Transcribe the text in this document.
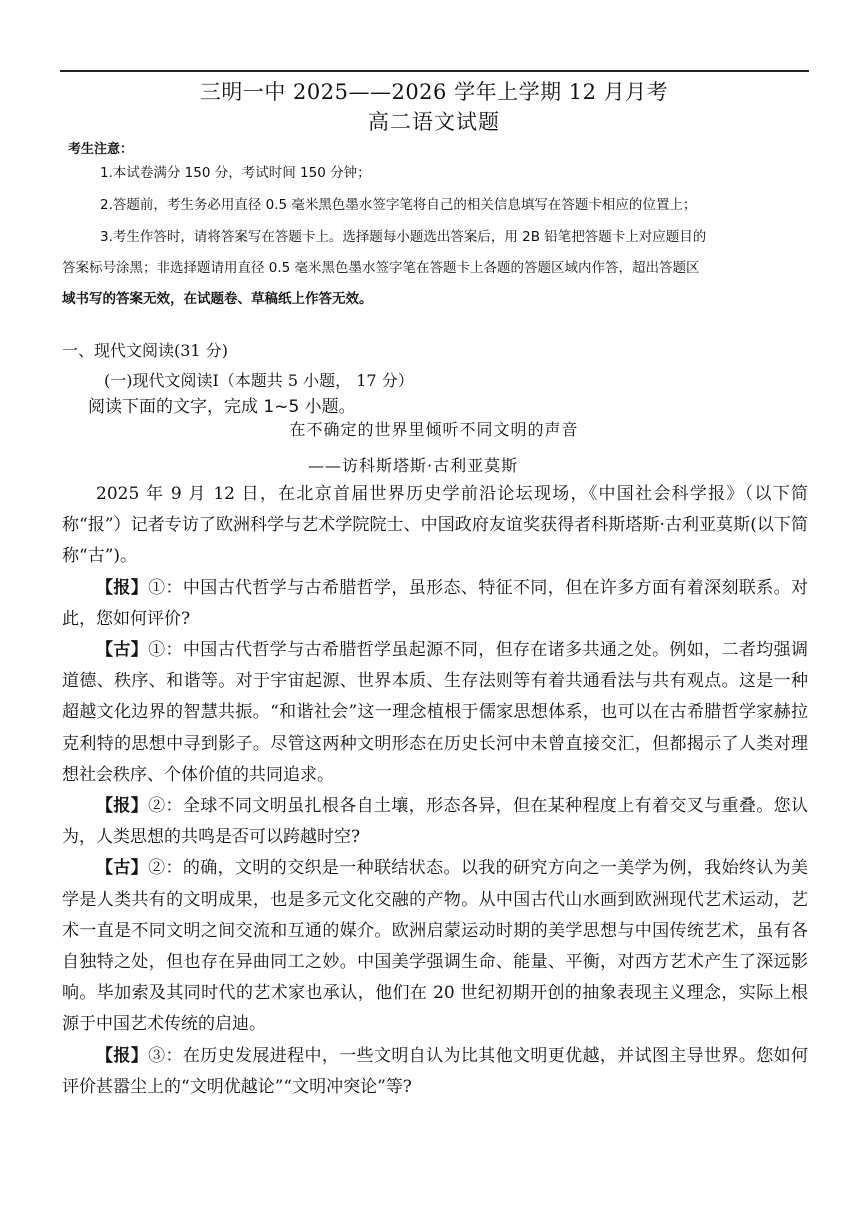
三明一中 2025——2026 学年上学期 12 月月考
高二语文试题
考生注意：
1.本试卷满分 150 分，考试时间 150 分钟；
2.答题前，考生务必用直径 0.5 毫米黑色墨水签字笔将自己的相关信息填写在答题卡相应的位置上；
3.考生作答时，请将答案写在答题卡上。选择题每小题选出答案后，用 2B 铅笔把答题卡上对应题目的
答案标号涂黑；非选择题请用直径 0.5 毫米黑色墨水签字笔在答题卡上各题的答题区域内作答，超出答题区
域书写的答案无效，在试题卷、草稿纸上作答无效。
一、现代文阅读(31 分)
(一)现代文阅读Ⅰ（本题共 5 小题， 17 分）
阅读下面的文字，完成 1~5 小题。
在不确定的世界里倾听不同文明的声音
——访科斯塔斯·古利亚莫斯

2025 年 9 月 12 日，在北京首届世界历史学前沿论坛现场，《中国社会科学报》（以下简称“报”）记者专访了欧洲科学与艺术学院院士、中国政府友谊奖获得者科斯塔斯·古利亚莫斯(以下简称“古”)。

【报】①：中国古代哲学与古希腊哲学，虽形态、特征不同，但在许多方面有着深刻联系。对此，您如何评价?

【古】①：中国古代哲学与古希腊哲学虽起源不同，但存在诸多共通之处。例如，二者均强调道德、秩序、和谐等。对于宇宙起源、世界本质、生存法则等有着共通看法与共有观点。这是一种超越文化边界的智慧共振。“和谐社会”这一理念植根于儒家思想体系，也可以在古希腊哲学家赫拉克利特的思想中寻到影子。尽管这两种文明形态在历史长河中未曾直接交汇，但都揭示了人类对理想社会秩序、个体价值的共同追求。

【报】②：全球不同文明虽扎根各自土壤，形态各异，但在某种程度上有着交叉与重叠。您认为，人类思想的共鸣是否可以跨越时空?

【古】②：的确，文明的交织是一种联结状态。以我的研究方向之一美学为例，我始终认为美学是人类共有的文明成果，也是多元文化交融的产物。从中国古代山水画到欧洲现代艺术运动，艺术一直是不同文明之间交流和互通的媒介。欧洲启蒙运动时期的美学思想与中国传统艺术，虽有各自独特之处，但也存在异曲同工之妙。中国美学强调生命、能量、平衡，对西方艺术产生了深远影响。毕加索及其同时代的艺术家也承认，他们在 20 世纪初期开创的抽象表现主义理念，实际上根源于中国艺术传统的启迪。

【报】③：在历史发展进程中，一些文明自认为比其他文明更优越，并试图主导世界。您如何评价甚嚣尘上的“文明优越论”“文明冲突论”等?
